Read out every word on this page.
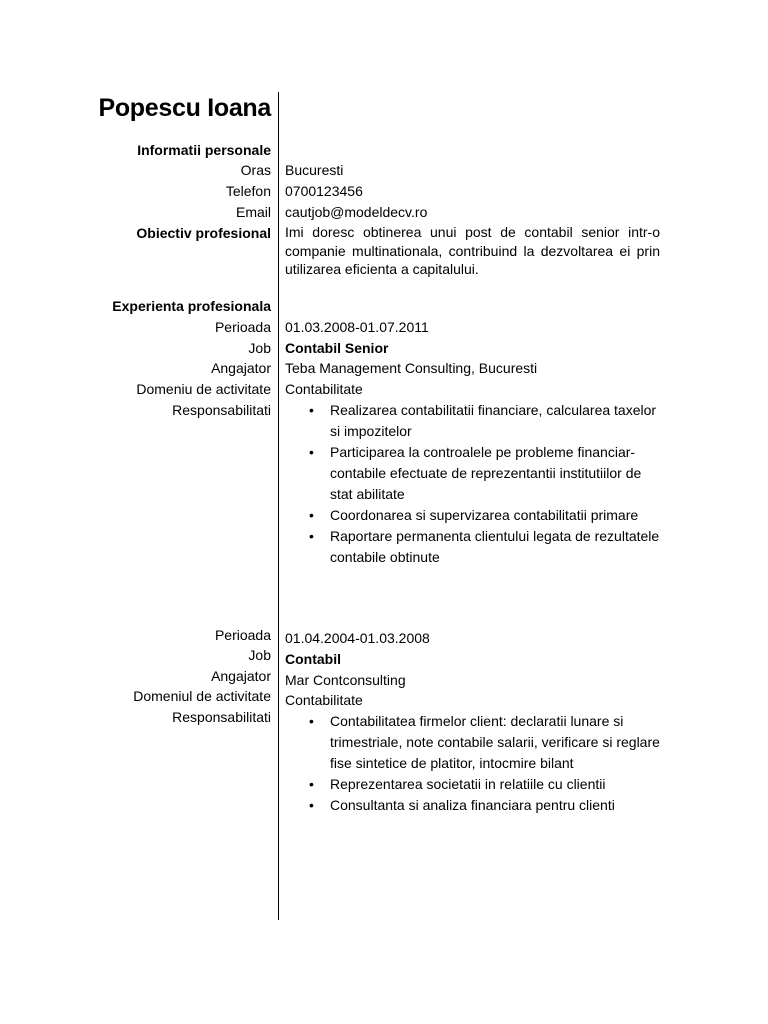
Popescu Ioana
Informatii personale
Oras Bucuresti
Telefon 0700123456
Email cautjob@modeldecv.ro
Obiectiv profesional Imi doresc obtinerea unui post de contabil senior intr-o companie multinationala, contribuind la dezvoltarea ei prin utilizarea eficienta a capitalului.
Experienta profesionala
Perioada 01.03.2008-01.07.2011
Job Contabil Senior
Angajator Teba Management Consulting, Bucuresti
Domeniu de activitate Contabilitate
Responsabilitati	• Realizarea contabilitatii financiare, calcularea taxelor si impozitelor
• Participarea la controalele pe probleme financiar-contabile efectuate de reprezentantii institutiilor de stat abilitate
• Coordonarea si supervizarea contabilitatii primare
• Raportare permanenta clientului legata de rezultatele contabile obtinute
Perioada 01.04.2004-01.03.2008
Job Contabil
Angajator Mar Contconsulting
Domeniul de activitate Contabilitate
Responsabilitati	• Contabilitatea firmelor client: declaratii lunare si trimestriale, note contabile salarii, verificare si reglare fise sintetice de platitor, intocmire bilant
• Reprezentarea societatii in relatiile cu clientii
• Consultanta si analiza financiara pentru clienti
